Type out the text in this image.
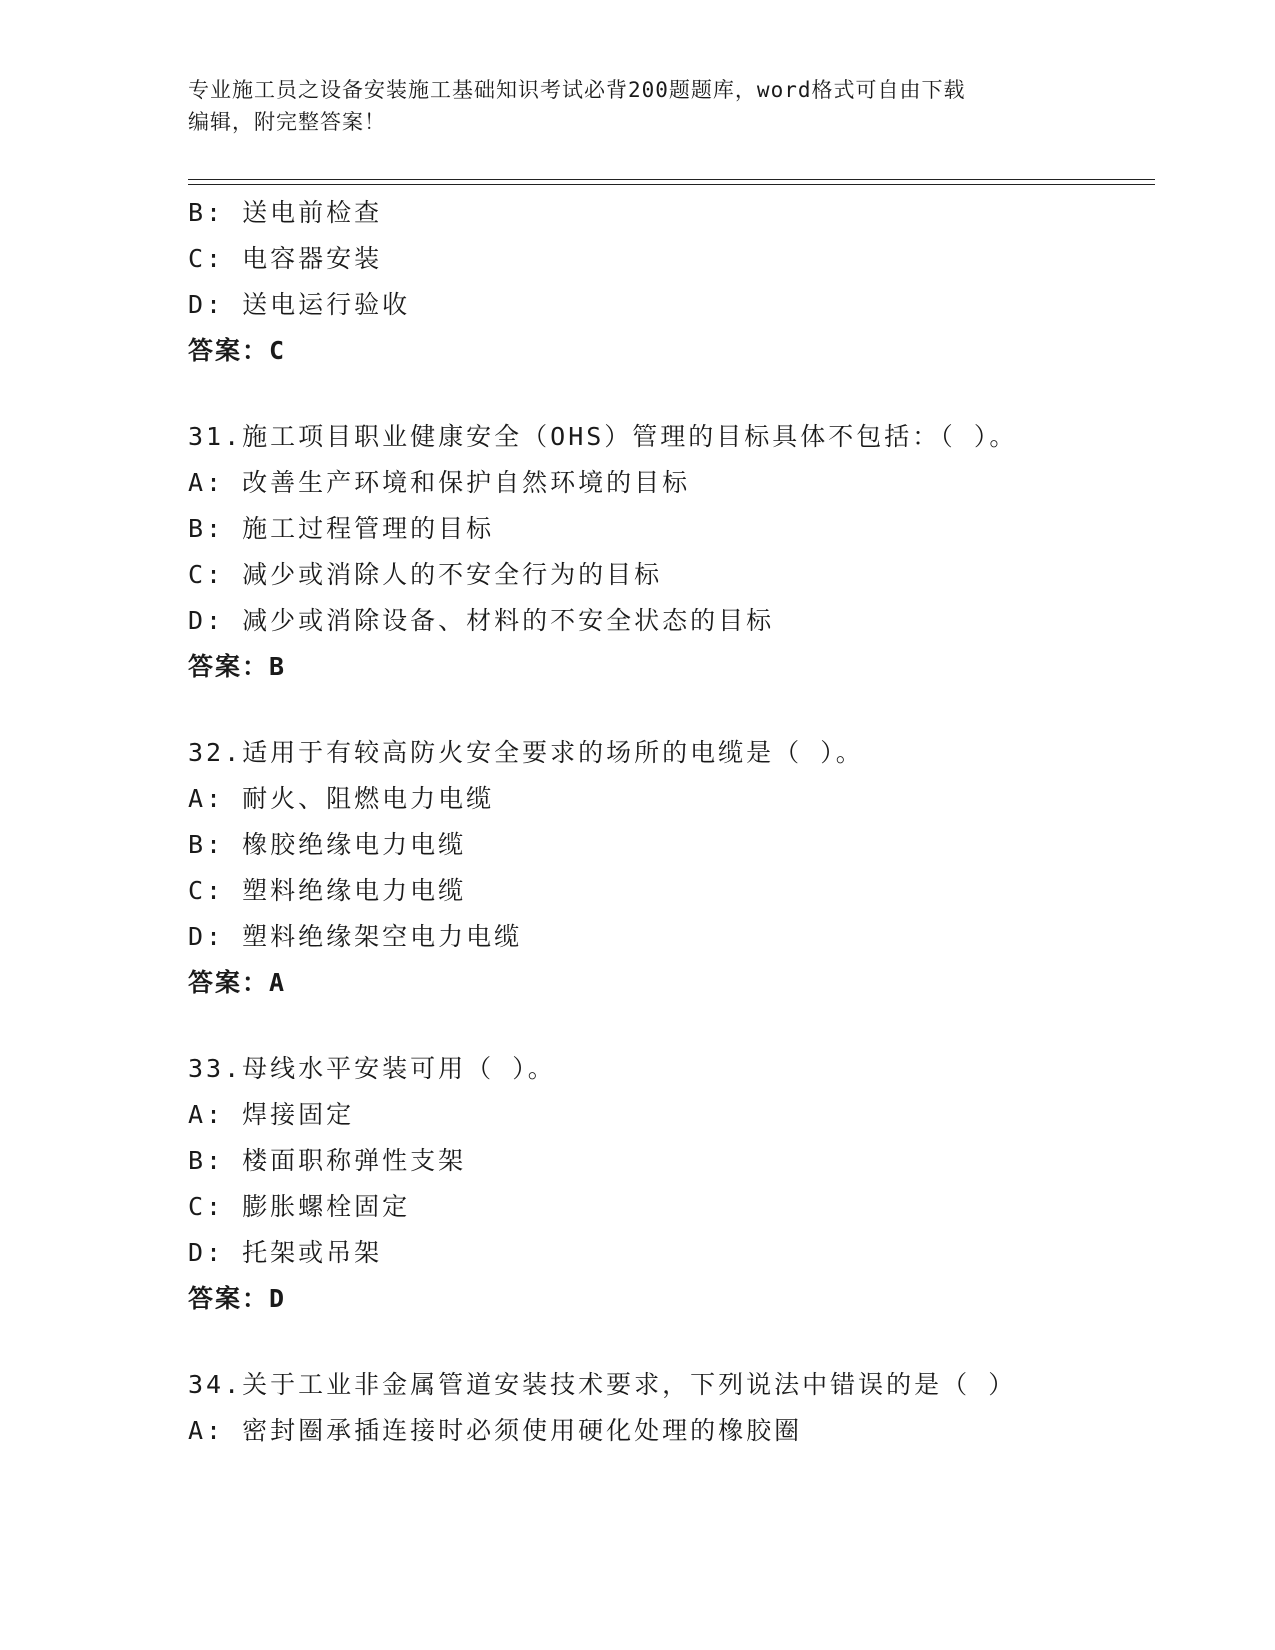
专业施工员之设备安装施工基础知识考试必背200题题库，word格式可自由下载
编辑，附完整答案！
B: 送电前检查
C: 电容器安装
D: 送电运行验收
答案：C
31.施工项目职业健康安全（OHS）管理的目标具体不包括：（ ）。
A: 改善生产环境和保护自然环境的目标
B: 施工过程管理的目标
C: 减少或消除人的不安全行为的目标
D: 减少或消除设备、材料的不安全状态的目标
答案：B
32.适用于有较高防火安全要求的场所的电缆是（ ）。
A: 耐火、阻燃电力电缆
B: 橡胶绝缘电力电缆
C: 塑料绝缘电力电缆
D: 塑料绝缘架空电力电缆
答案：A
33.母线水平安装可用（ ）。
A: 焊接固定
B: 楼面职称弹性支架
C: 膨胀螺栓固定
D: 托架或吊架
答案：D
34.关于工业非金属管道安装技术要求，下列说法中错误的是（ ）
A: 密封圈承插连接时必须使用硬化处理的橡胶圈
